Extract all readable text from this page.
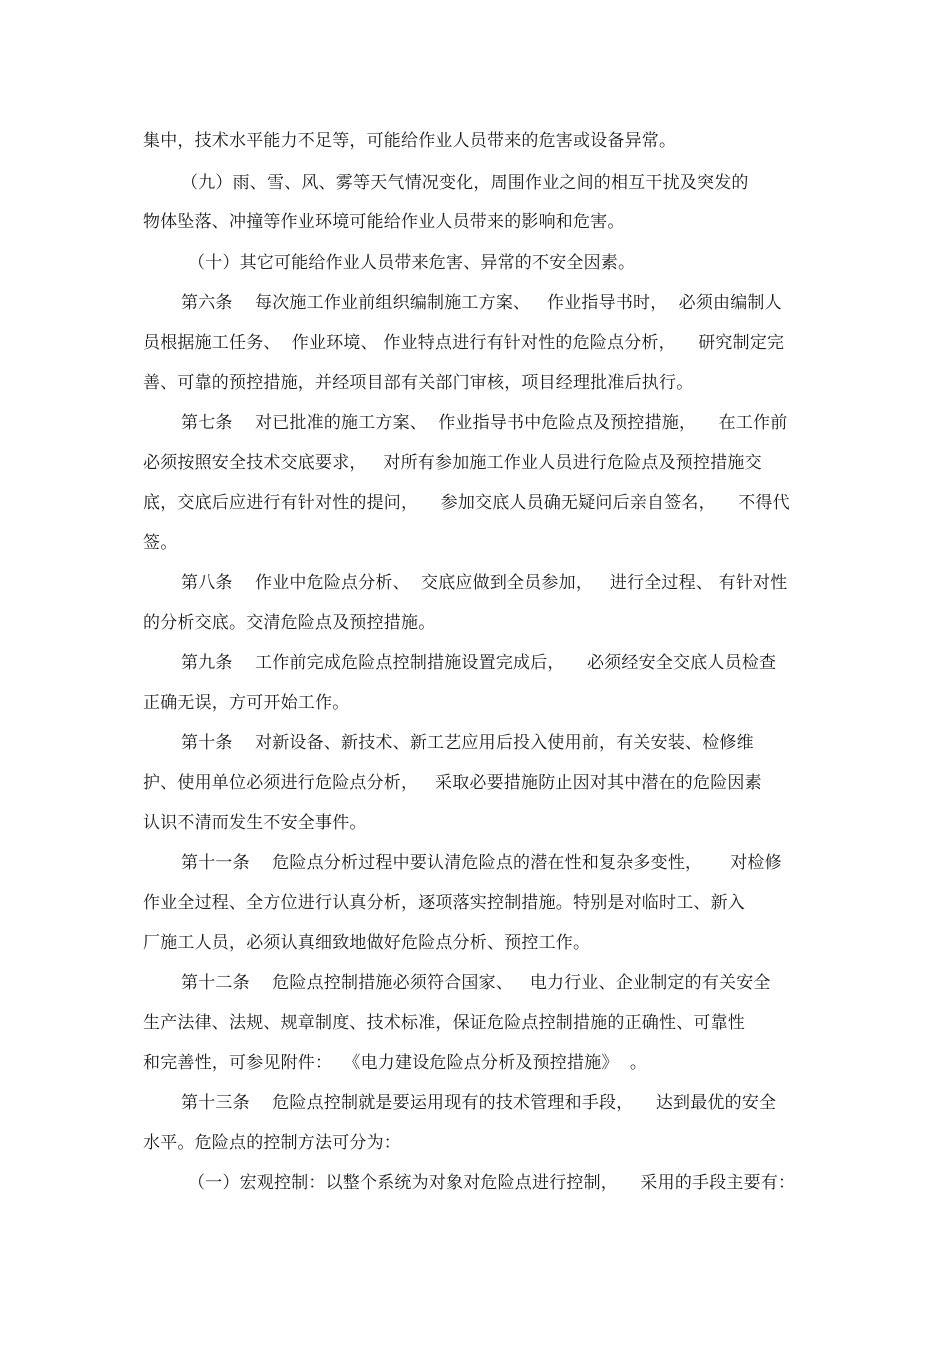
集中，技术水平能力不足等，可能给作业人员带来的危害或设备异常。
（九）雨、雪、风、雾等天气情况变化，周围作业之间的相互干扰及突发的
物体坠落、冲撞等作业环境可能给作业人员带来的影响和危害。
（十）其它可能给作业人员带来危害、异常的不安全因素。
第六条    每次施工作业前组织编制施工方案、   作业指导书时，  必须由编制人
员根据施工任务、  作业环境、 作业特点进行有针对性的危险点分析，    研究制定完
善、可靠的预控措施，并经项目部有关部门审核，项目经理批准后执行。
第七条    对已批准的施工方案、  作业指导书中危险点及预控措施，    在工作前
必须按照安全技术交底要求，   对所有参加施工作业人员进行危险点及预控措施交
底，交底后应进行有针对性的提问，    参加交底人员确无疑问后亲自签名，    不得代
签。
第八条    作业中危险点分析、  交底应做到全员参加，   进行全过程、 有针对性
的分析交底。交清危险点及预控措施。
第九条    工作前完成危险点控制措施设置完成后，    必须经安全交底人员检查
正确无误，方可开始工作。
第十条    对新设备、新技术、新工艺应用后投入使用前，有关安装、检修维
护、使用单位必须进行危险点分析，   采取必要措施防止因对其中潜在的危险因素
认识不清而发生不安全事件。
第十一条    危险点分析过程中要认清危险点的潜在性和复杂多变性，     对检修
作业全过程、全方位进行认真分析，逐项落实控制措施。特别是对临时工、新入
厂施工人员，必须认真细致地做好危险点分析、预控工作。
第十二条    危险点控制措施必须符合国家、   电力行业、企业制定的有关安全
生产法律、法规、规章制度、技术标准，保证危险点控制措施的正确性、可靠性
和完善性，可参见附件：  《电力建设危险点分析及预控措施》  。
第十三条    危险点控制就是要运用现有的技术管理和手段，    达到最优的安全
水平。危险点的控制方法可分为：
（一）宏观控制：以整个系统为对象对危险点进行控制，    采用的手段主要有：
